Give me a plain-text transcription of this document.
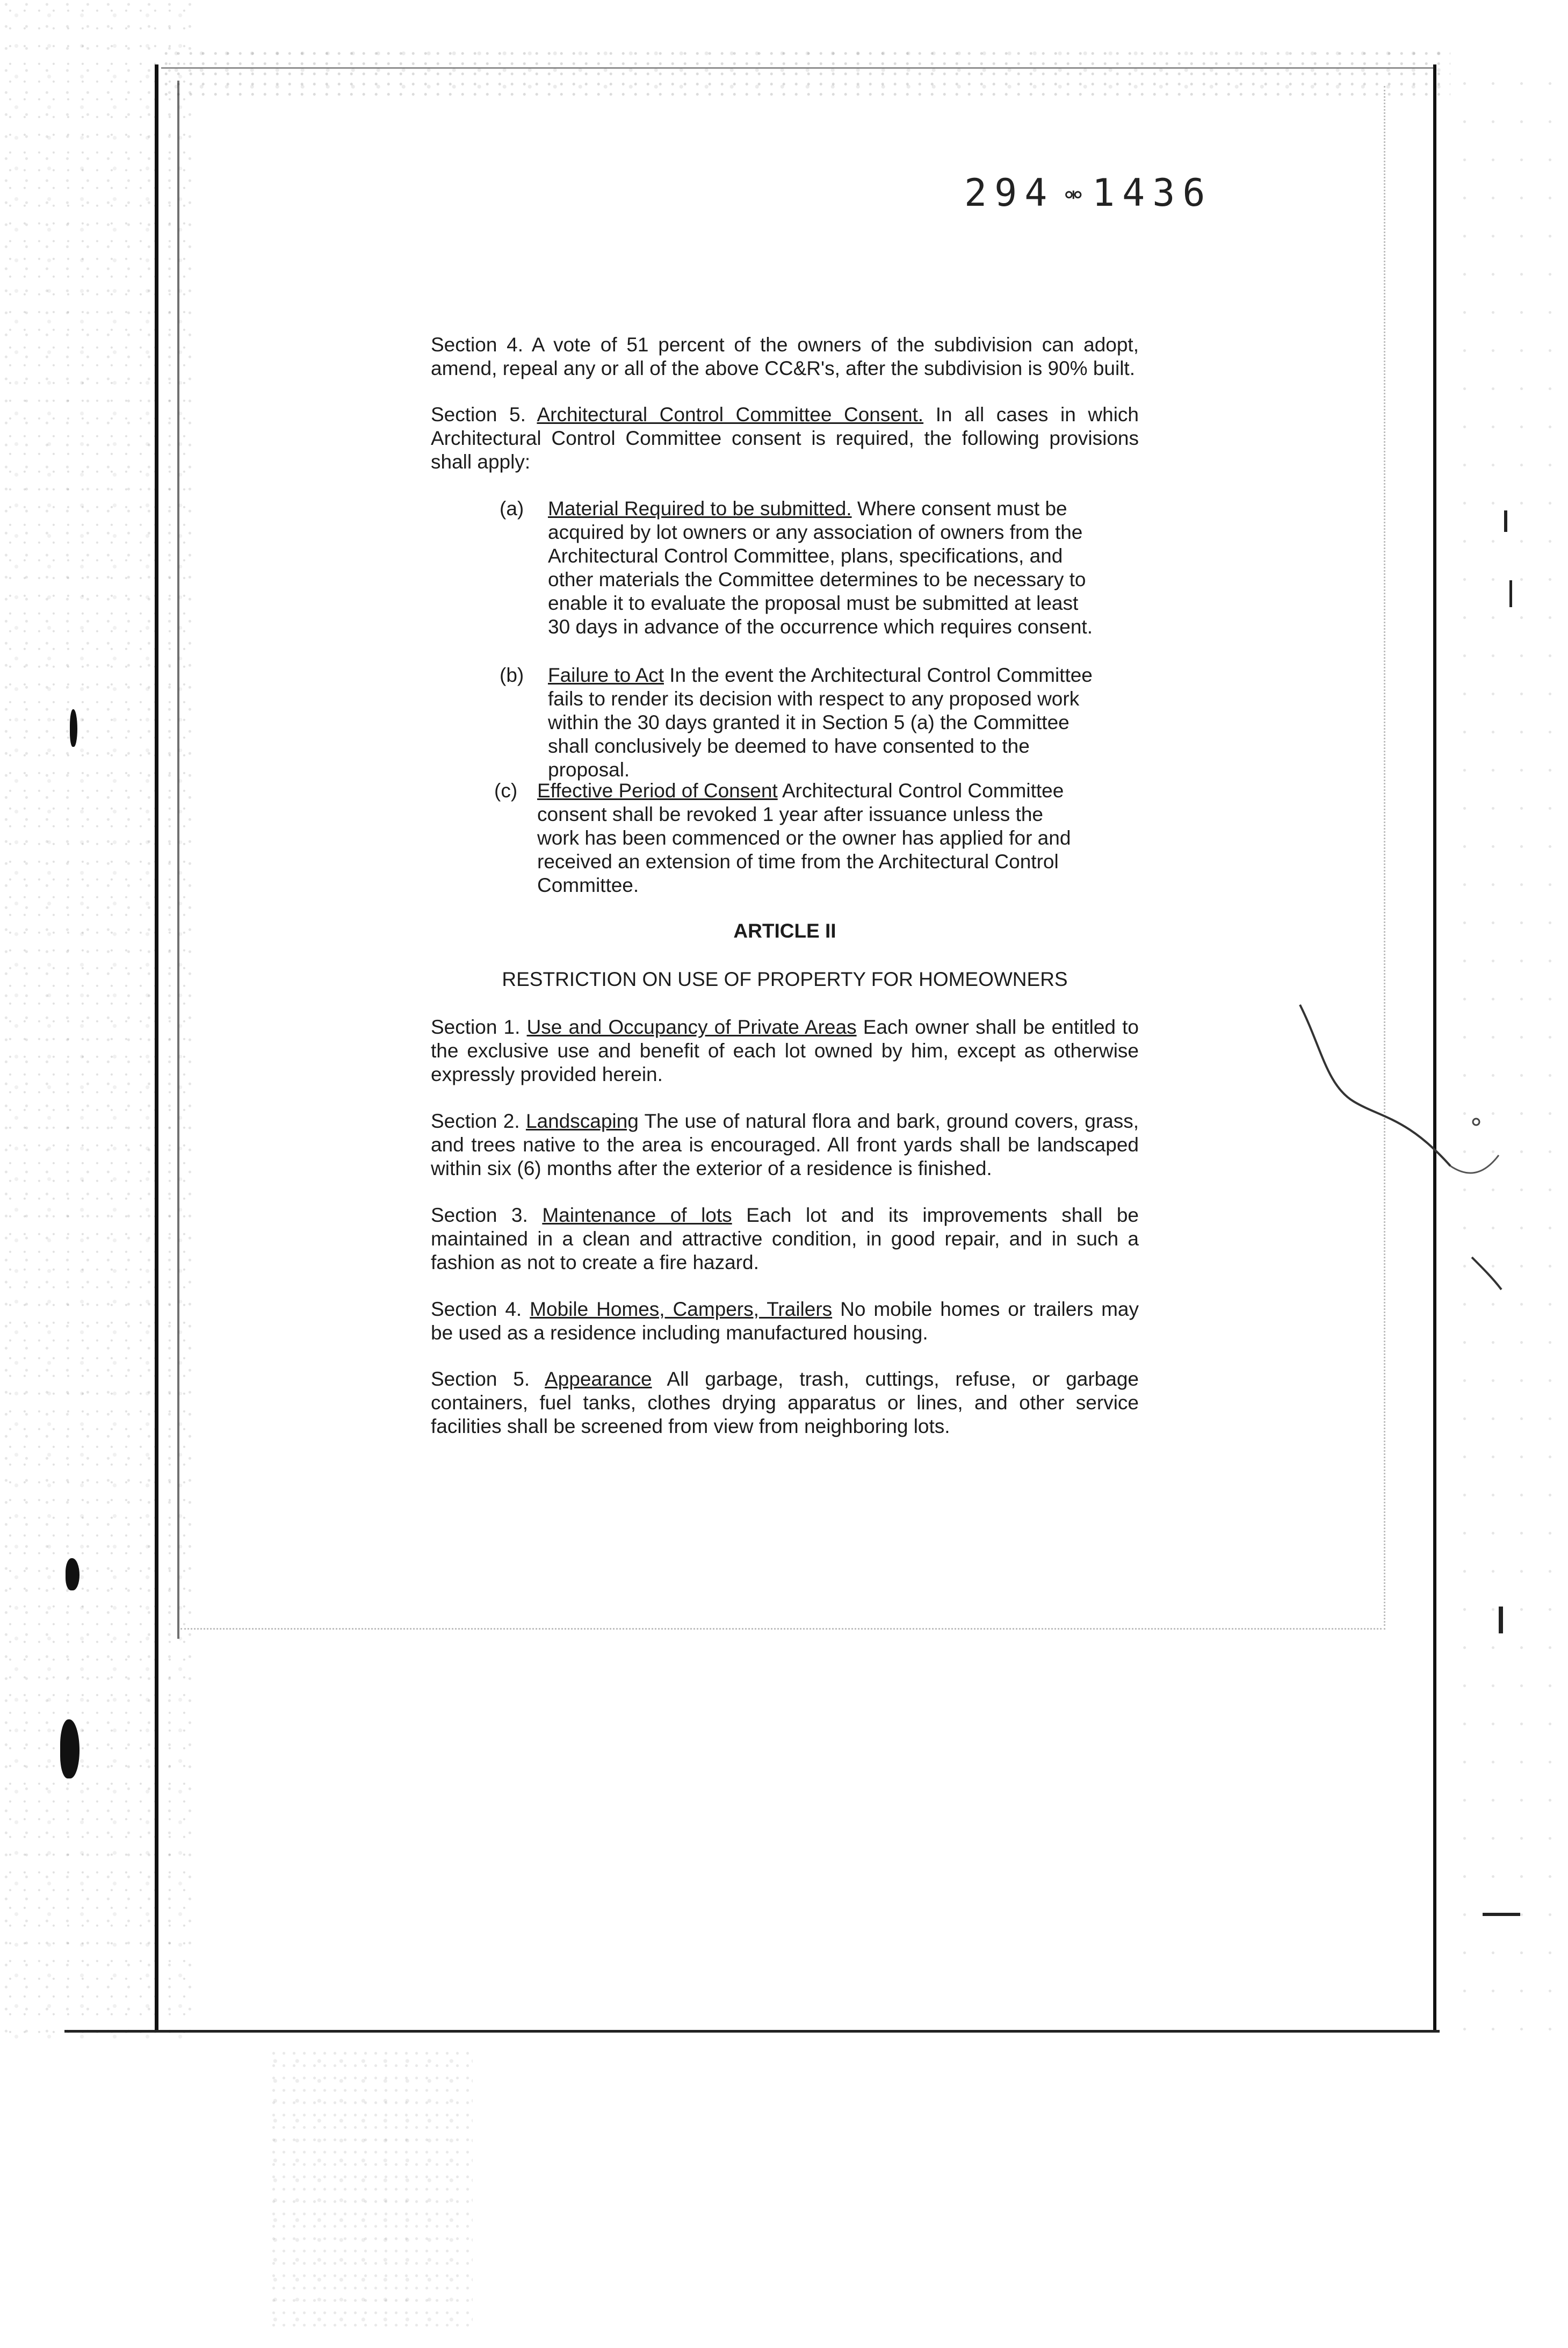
294 ⚮ 1436
Section 4. A vote of 51 percent of the owners of the subdivision can adopt, amend, repeal any or all of the above CC&R's, after the subdivision is 90% built.
Section 5. Architectural Control Committee Consent. In all cases in which Architectural Control Committee consent is required, the following provisions shall apply:
(a) Material Required to be submitted. Where consent must be acquired by lot owners or any association of owners from the Architectural Control Committee, plans, specifications, and other materials the Committee determines to be necessary to enable it to evaluate the proposal must be submitted at least 30 days in advance of the occurrence which requires consent.
(b) Failure to Act In the event the Architectural Control Committee fails to render its decision with respect to any proposed work within the 30 days granted it in Section 5 (a) the Committee shall conclusively be deemed to have consented to the proposal.
(c) Effective Period of Consent Architectural Control Committee consent shall be revoked 1 year after issuance unless the work has been commenced or the owner has applied for and received an extension of time from the Architectural Control Committee.
ARTICLE II
RESTRICTION ON USE OF PROPERTY FOR HOMEOWNERS
Section 1. Use and Occupancy of Private Areas Each owner shall be entitled to the exclusive use and benefit of each lot owned by him, except as otherwise expressly provided herein.
Section 2. Landscaping The use of natural flora and bark, ground covers, grass, and trees native to the area is encouraged. All front yards shall be landscaped within six (6) months after the exterior of a residence is finished.
Section 3. Maintenance of lots Each lot and its improvements shall be maintained in a clean and attractive condition, in good repair, and in such a fashion as not to create a fire hazard.
Section 4. Mobile Homes, Campers, Trailers No mobile homes or trailers may be used as a residence including manufactured housing.
Section 5. Appearance All garbage, trash, cuttings, refuse, or garbage containers, fuel tanks, clothes drying apparatus or lines, and other service facilities shall be screened from view from neighboring lots.
